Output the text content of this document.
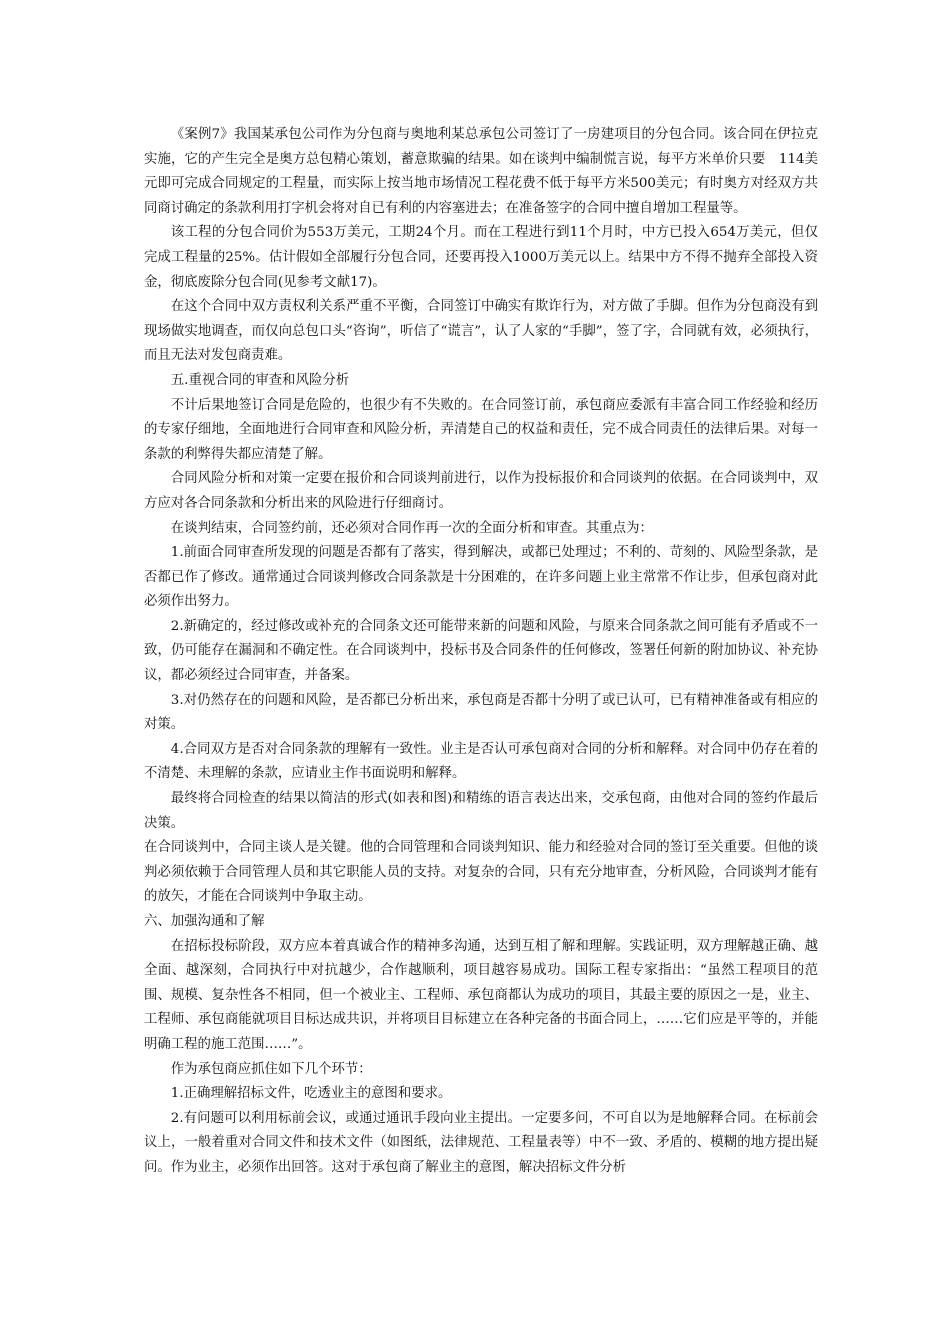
《案例7》我国某承包公司作为分包商与奥地利某总承包公司签订了一房建项目的分包合同。该合同在伊拉克实施，它的产生完全是奥方总包精心策划，蓄意欺骗的结果。如在谈判中编制慌言说，每平方米单价只要　114美元即可完成合同规定的工程量，而实际上按当地市场情况工程花费不低于每平方米500美元；有时奥方对经双方共同商讨确定的条款利用打字机会将对自已有利的内容塞进去；在准备签字的合同中擅自增加工程量等。

该工程的分包合同价为553万美元，工期24个月。而在工程进行到11个月时，中方已投入654万美元，但仅完成工程量的25%。估计假如全部履行分包合同，还要再投入1000万美元以上。结果中方不得不抛弃全部投入资金，彻底废除分包合同(见参考文献17)。

在这个合同中双方责权利关系严重不平衡，合同签订中确实有欺诈行为，对方做了手脚。但作为分包商没有到现场做实地调查，而仅向总包口头“咨询”，听信了“谎言”，认了人家的“手脚”，签了字，合同就有效，必须执行，而且无法对发包商责难。

五.重视合同的审查和风险分析

不计后果地签订合同是危险的，也很少有不失败的。在合同签订前，承包商应委派有丰富合同工作经验和经历的专家仔细地，全面地进行合同审查和风险分析，弄清楚自己的权益和责任，完不成合同责任的法律后果。对每一条款的利弊得失都应清楚了解。

合同风险分析和对策一定要在报价和合同谈判前进行，以作为投标报价和合同谈判的依据。在合同谈判中，双方应对各合同条款和分析出来的风险进行仔细商讨。

在谈判结束，合同签约前，还必须对合同作再一次的全面分析和审查。其重点为：

1.前面合同审查所发现的问题是否都有了落实，得到解决，或都已处理过；不利的、苛刻的、风险型条款，是否都已作了修改。通常通过合同谈判修改合同条款是十分困难的，在许多问题上业主常常不作让步，但承包商对此必须作出努力。

2.新确定的，经过修改或补充的合同条文还可能带来新的问题和风险，与原来合同条款之间可能有矛盾或不一致，仍可能存在漏洞和不确定性。在合同谈判中，投标书及合同条件的任何修改，签署任何新的附加协议、补充协议，都必须经过合同审查，并备案。

3.对仍然存在的问题和风险，是否都已分析出来，承包商是否都十分明了或已认可，已有精神准备或有相应的对策。

4.合同双方是否对合同条款的理解有一致性。业主是否认可承包商对合同的分析和解释。对合同中仍存在着的不清楚、未理解的条款，应请业主作书面说明和解释。

最终将合同检查的结果以简洁的形式(如表和图)和精练的语言表达出来，交承包商，由他对合同的签约作最后决策。

在合同谈判中，合同主谈人是关键。他的合同管理和合同谈判知识、能力和经验对合同的签订至关重要。但他的谈判必须依赖于合同管理人员和其它职能人员的支持。对复杂的合同，只有充分地审查，分析风险，合同谈判才能有的放矢，才能在合同谈判中争取主动。

六、加强沟通和了解

在招标投标阶段，双方应本着真诚合作的精神多沟通，达到互相了解和理解。实践证明，双方理解越正确、越全面、越深刻，合同执行中对抗越少，合作越顺利，项目越容易成功。国际工程专家指出：“虽然工程项目的范围、规模、复杂性各不相同，但一个被业主、工程师、承包商都认为成功的项目，其最主要的原因之一是，业主、工程师、承包商能就项目目标达成共识，并将项目目标建立在各种完备的书面合同上，……它们应是平等的，并能明确工程的施工范围……”。

作为承包商应抓住如下几个环节：

1.正确理解招标文件，吃透业主的意图和要求。

2.有问题可以利用标前会议，或通过通讯手段向业主提出。一定要多问，不可自以为是地解释合同。在标前会议上，一般着重对合同文件和技术文件（如图纸，法律规范、工程量表等）中不一致、矛盾的、模糊的地方提出疑问。作为业主，必须作出回答。这对于承包商了解业主的意图，解决招标文件分析
